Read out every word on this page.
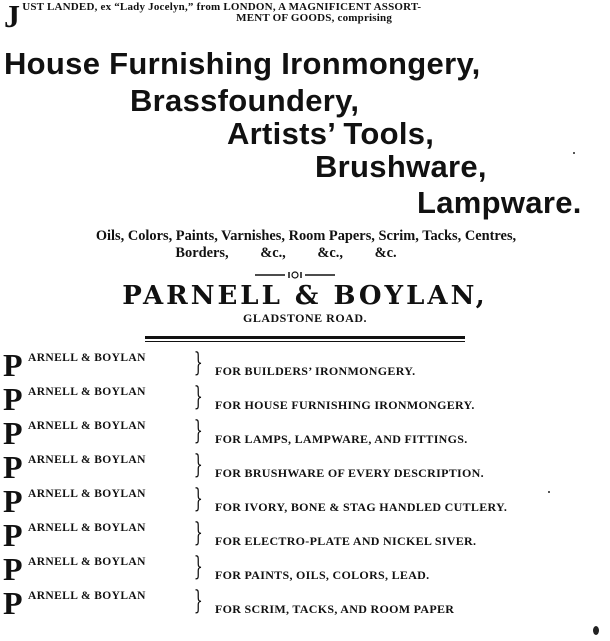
J UST LANDED, ex “Lady Jocelyn,” from LONDON, A MAGNIFICENT ASSORT-
MENT OF GOODS, comprising
House Furnishing Ironmongery,
Brassfoundery,
Artists’ Tools,
Brushware,
Lampware.
Oils, Colors, Paints, Varnishes, Room Papers, Scrim, Tacks, Centres,
Borders, &c., &c., &c.
PARNELL & BOYLAN,
GLADSTONE ROAD.
P ARNELL & BOYLAN } FOR BUILDERS’ IRONMONGERY.
P ARNELL & BOYLAN } FOR HOUSE FURNISHING IRONMONGERY.
P ARNELL & BOYLAN } FOR LAMPS, LAMPWARE, AND FITTINGS.
P ARNELL & BOYLAN } FOR BRUSHWARE OF EVERY DESCRIPTION.
P ARNELL & BOYLAN } FOR IVORY, BONE & STAG HANDLED CUTLERY.
P ARNELL & BOYLAN } FOR ELECTRO-PLATE AND NICKEL SIVER.
P ARNELL & BOYLAN } FOR PAINTS, OILS, COLORS, LEAD.
P ARNELL & BOYLAN } FOR SCRIM, TACKS, AND ROOM PAPER
